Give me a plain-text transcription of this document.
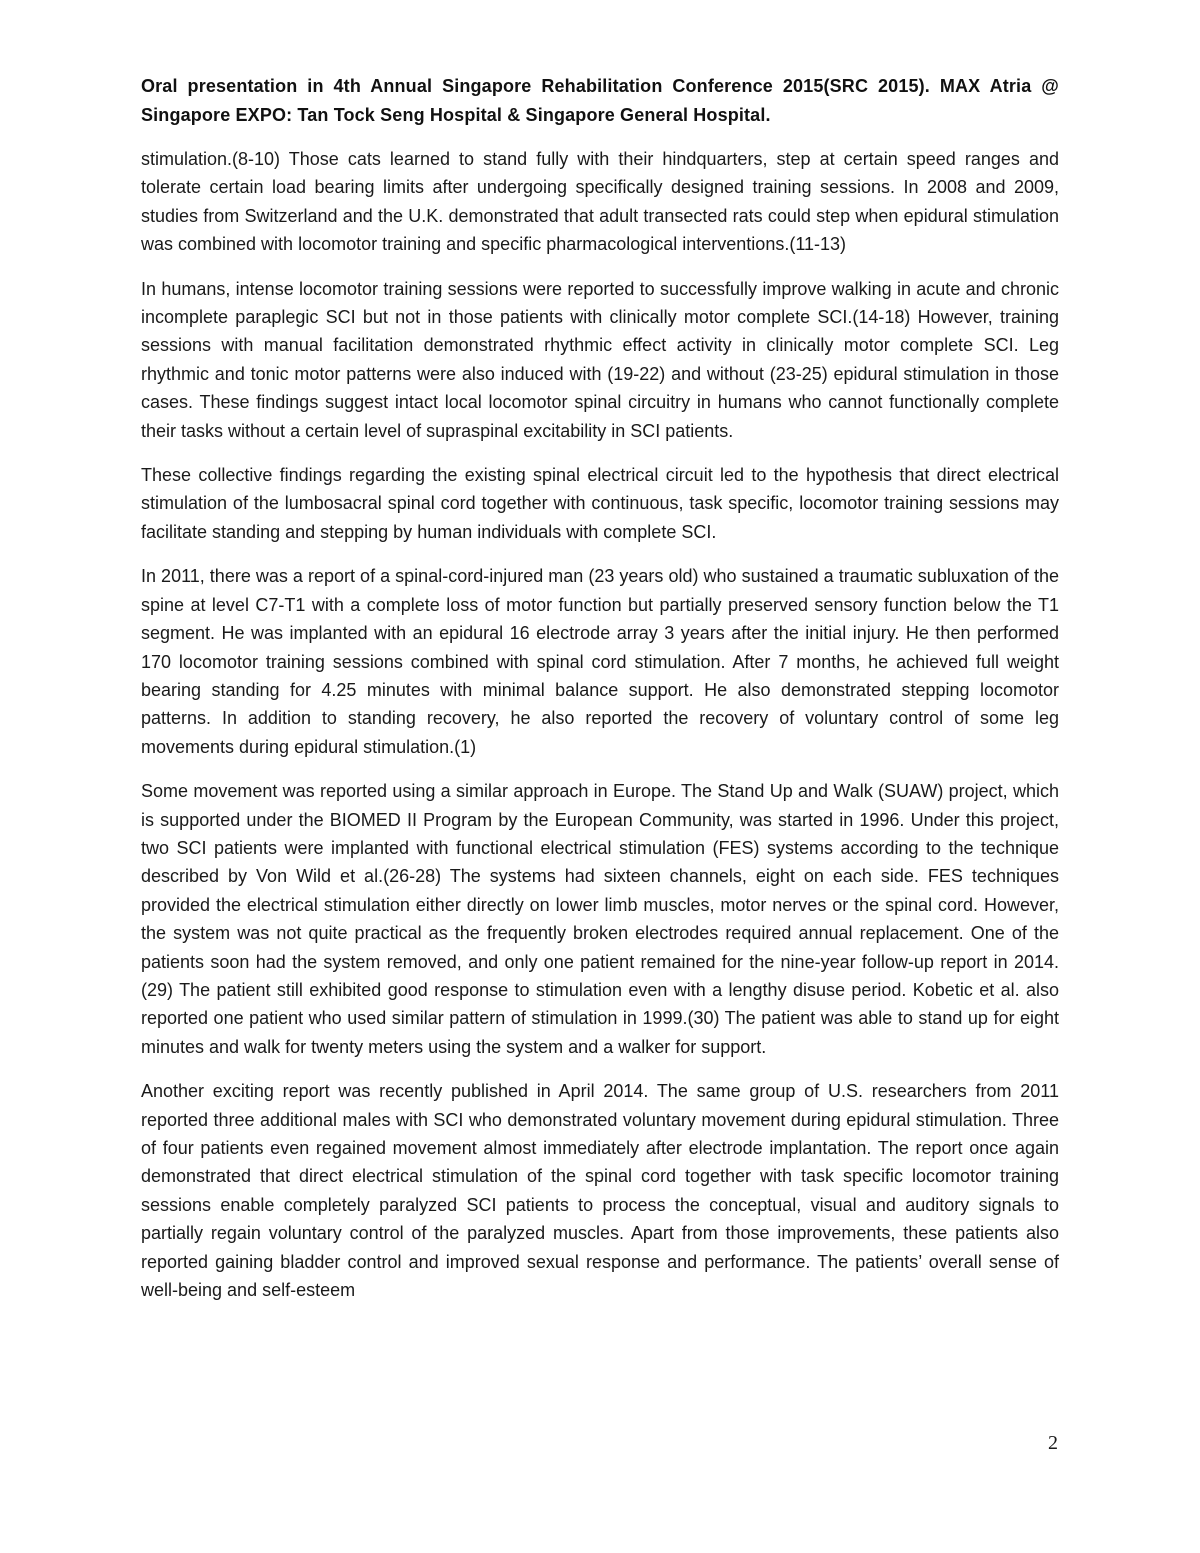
Oral presentation in 4th Annual Singapore Rehabilitation Conference 2015(SRC 2015). MAX Atria @ Singapore EXPO: Tan Tock Seng Hospital & Singapore General Hospital.

stimulation.(8-10) Those cats learned to stand fully with their hindquarters, step at certain speed ranges and tolerate certain load bearing limits after undergoing specifically designed training sessions. In 2008 and 2009, studies from Switzerland and the U.K. demonstrated that adult transected rats could step when epidural stimulation was combined with locomotor training and specific pharmacological interventions.(11-13)

In humans, intense locomotor training sessions were reported to successfully improve walking in acute and chronic incomplete paraplegic SCI but not in those patients with clinically motor complete SCI.(14-18) However, training sessions with manual facilitation demonstrated rhythmic effect activity in clinically motor complete SCI. Leg rhythmic and tonic motor patterns were also induced with (19-22) and without (23-25) epidural stimulation in those cases. These findings suggest intact local locomotor spinal circuitry in humans who cannot functionally complete their tasks without a certain level of supraspinal excitability in SCI patients.

These collective findings regarding the existing spinal electrical circuit led to the hypothesis that direct electrical stimulation of the lumbosacral spinal cord together with continuous, task specific, locomotor training sessions may facilitate standing and stepping by human individuals with complete SCI.

In 2011, there was a report of a spinal-cord-injured man (23 years old) who sustained a traumatic subluxation of the spine at level C7-T1 with a complete loss of motor function but partially preserved sensory function below the T1 segment. He was implanted with an epidural 16 electrode array 3 years after the initial injury. He then performed 170 locomotor training sessions combined with spinal cord stimulation. After 7 months, he achieved full weight bearing standing for 4.25 minutes with minimal balance support. He also demonstrated stepping locomotor patterns. In addition to standing recovery, he also reported the recovery of voluntary control of some leg movements during epidural stimulation.(1)

Some movement was reported using a similar approach in Europe. The Stand Up and Walk (SUAW) project, which is supported under the BIOMED II Program by the European Community, was started in 1996. Under this project, two SCI patients were implanted with functional electrical stimulation (FES) systems according to the technique described by Von Wild et al.(26-28) The systems had sixteen channels, eight on each side. FES techniques provided the electrical stimulation either directly on lower limb muscles, motor nerves or the spinal cord. However, the system was not quite practical as the frequently broken electrodes required annual replacement. One of the patients soon had the system removed, and only one patient remained for the nine-year follow-up report in 2014.(29) The patient still exhibited good response to stimulation even with a lengthy disuse period. Kobetic et al. also reported one patient who used similar pattern of stimulation in 1999.(30) The patient was able to stand up for eight minutes and walk for twenty meters using the system and a walker for support.

Another exciting report was recently published in April 2014. The same group of U.S. researchers from 2011 reported three additional males with SCI who demonstrated voluntary movement during epidural stimulation. Three of four patients even regained movement almost immediately after electrode implantation. The report once again demonstrated that direct electrical stimulation of the spinal cord together with task specific locomotor training sessions enable completely paralyzed SCI patients to process the conceptual, visual and auditory signals to partially regain voluntary control of the paralyzed muscles. Apart from those improvements, these patients also reported gaining bladder control and improved sexual response and performance. The patients’ overall sense of well-being and self-esteem

2
